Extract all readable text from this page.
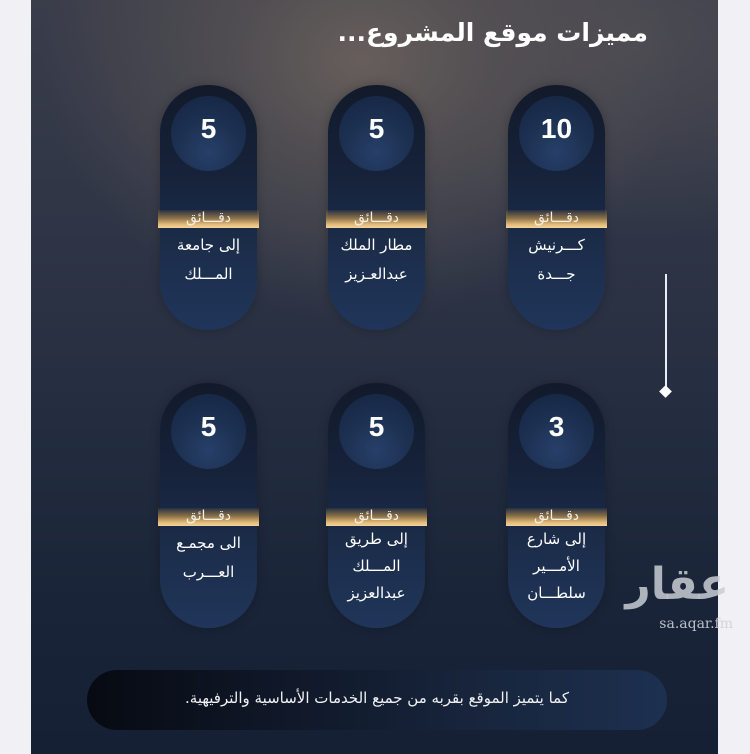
مميزات موقع المشروع...
10
دقـــائق
كـــرنيش
جـــدة
5
دقـــائق
مطار الملك
عبدالعـزيز
5
دقـــائق
إلى جامعة
المـــلك
3
دقـــائق
إلى شارع
الأمـــير
سلطـــان
5
دقـــائق
إلى طريق
المـــلك
عبدالعزيز
5
دقـــائق
الى مجمـع
العـــرب
كما يتميز الموقع بقربه من جميع الخدمات الأساسية والترفيهية.
عقار
sa.aqar.fm
